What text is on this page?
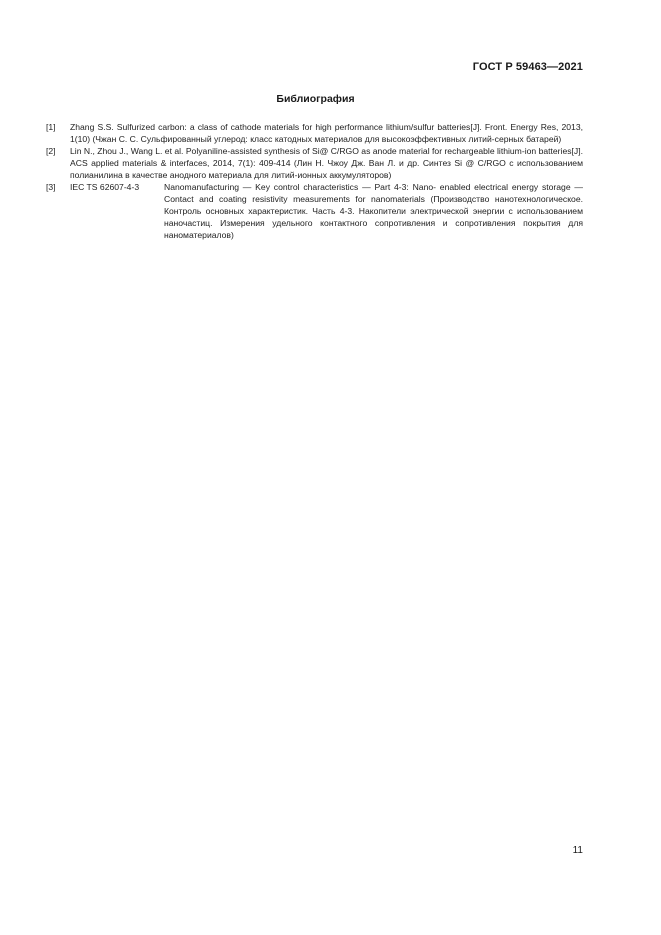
ГОСТ Р 59463—2021
Библиография
[1]	Zhang S.S. Sulfurized carbon: a class of cathode materials for high performance lithium/sulfur batteries[J]. Front. Energy Res, 2013, 1(10) (Чжан С. С. Сульфированный углерод: класс катодных материалов для высокоэффективных литий-серных батарей)
[2]	Lin N., Zhou J., Wang L. et al. Polyaniline-assisted synthesis of Si@ C/RGO as anode material for rechargeable lithium-ion batteries[J]. ACS applied materials & interfaces, 2014, 7(1): 409-414 (Лин Н. Чжоу Дж. Ван Л. и др. Синтез Si @ C/RGO с использованием полианилина в качестве анодного материала для литий-ионных аккумуляторов)
[3]	IEC TS 62607-4-3	Nanomanufacturing — Key control characteristics — Part 4-3: Nano- enabled electrical energy storage — Contact and coating resistivity measurements for nanomaterials (Производство нанотехнологическое. Контроль основных характеристик. Часть 4-3. Накопители электрической энергии с использованием наночастиц. Измерения удельного контактного сопротивления и сопротивления покрытия для наноматериалов)
11
